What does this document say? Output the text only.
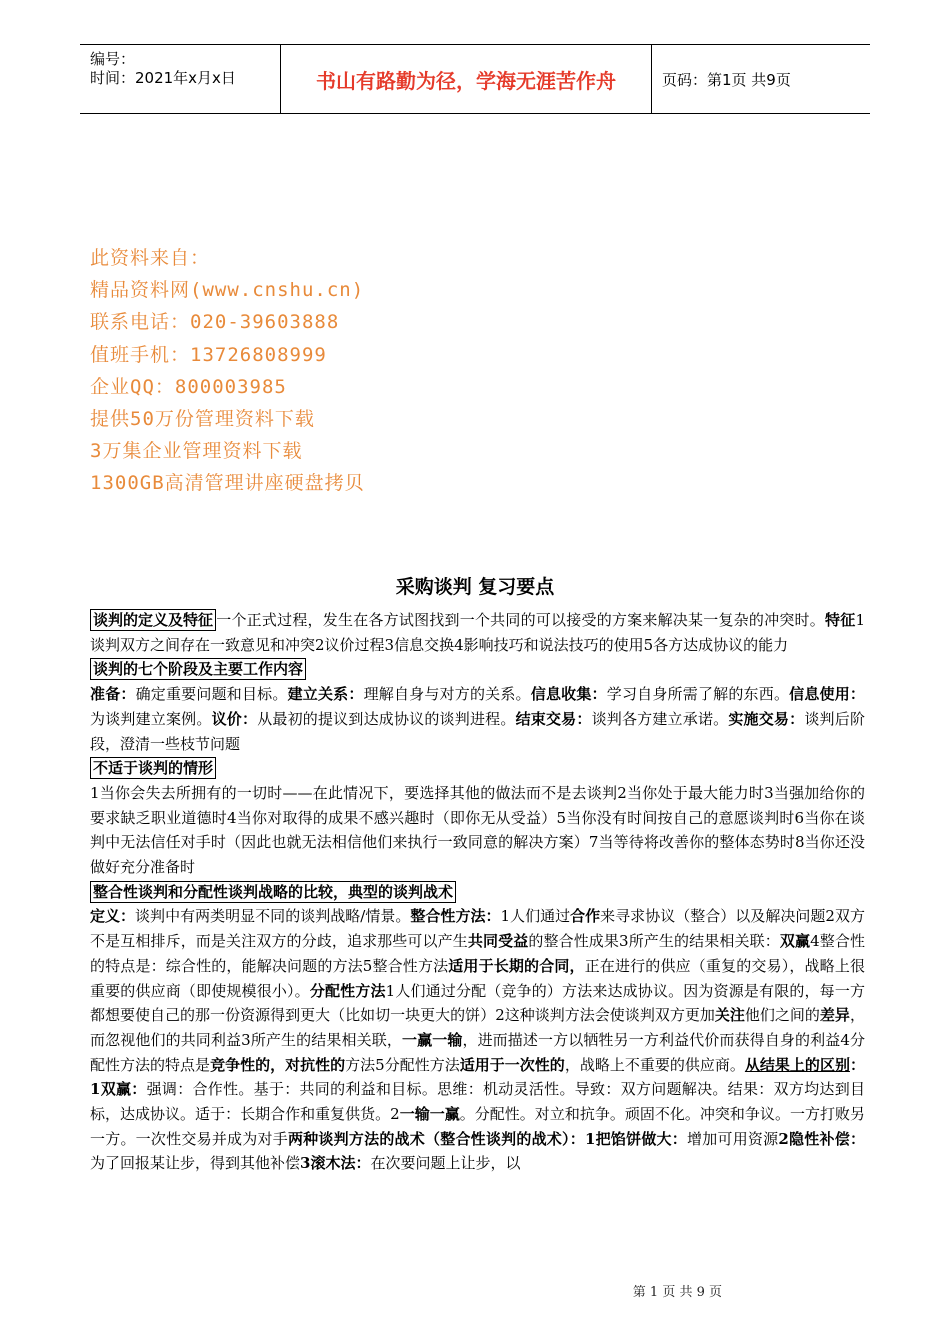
编号：
时间：2021年x月x日	书山有路勤为径，学海无涯苦作舟	页码：第1页 共9页
此资料来自：
精品资料网(www.cnshu.cn)
联系电话：020-39603888
值班手机：13726808999
企业QQ：800003985
提供50万份管理资料下载
3万集企业管理资料下载
1300GB高清管理讲座硬盘拷贝
采购谈判 复习要点
谈判的定义及特征 一个正式过程，发生在各方试图找到一个共同的可以接受的方案来解决某一复杂的冲突时。特征1谈判双方之间存在一致意见和冲突2议价过程3信息交换4影响技巧和说法技巧的使用5各方达成协议的能力
谈判的七个阶段及主要工作内容
准备：确定重要问题和目标。建立关系：理解自身与对方的关系。信息收集：学习自身所需了解的东西。信息使用：为谈判建立案例。议价：从最初的提议到达成协议的谈判进程。结束交易：谈判各方建立承诺。实施交易：谈判后阶段，澄清一些枝节问题
不适于谈判的情形
1当你会失去所拥有的一切时——在此情况下，要选择其他的做法而不是去谈判2当你处于最大能力时3当强加给你的要求缺乏职业道德时4当你对取得的成果不感兴趣时（即你无从受益）5当你没有时间按自己的意愿谈判时6当你在谈判中无法信任对手时（因此也就无法相信他们来执行一致同意的解决方案）7当等待将改善你的整体态势时8当你还没做好充分准备时
整合性谈判和分配性谈判战略的比较，典型的谈判战术
定义：谈判中有两类明显不同的谈判战略/情景。整合性方法：1人们通过合作来寻求协议（整合）以及解决问题2双方不是互相排斥，而是关注双方的分歧，追求那些可以产生共同受益的整合性成果3所产生的结果相关联：双赢4整合性的特点是：综合性的，能解决问题的方法5整合性方法适用于长期的合同，正在进行的供应（重复的交易），战略上很重要的供应商（即使规模很小）。分配性方法1人们通过分配（竞争的）方法来达成协议。因为资源是有限的，每一方都想要使自己的那一份资源得到更大（比如切一块更大的饼）2这种谈判方法会使谈判双方更加关注他们之间的差异，而忽视他们的共同利益3所产生的结果相关联，一赢一输，进而描述一方以牺牲另一方利益代价而获得自身的利益4分配性方法的特点是竞争性的，对抗性的方法5分配性方法适用于一次性的，战略上不重要的供应商。从结果上的区别：1双赢：强调：合作性。基于：共同的利益和目标。思维：机动灵活性。导致：双方问题解决。结果：双方均达到目标，达成协议。适于：长期合作和重复供货。2一输一赢。分配性。对立和抗争。顽固不化。冲突和争议。一方打败另一方。一次性交易并成为对手两种谈判方法的战术（整合性谈判的战术）：1把馅饼做大：增加可用资源2隐性补偿：为了回报某让步，得到其他补偿3滚木法：在次要问题上让步，以
第 1 页 共 9 页
